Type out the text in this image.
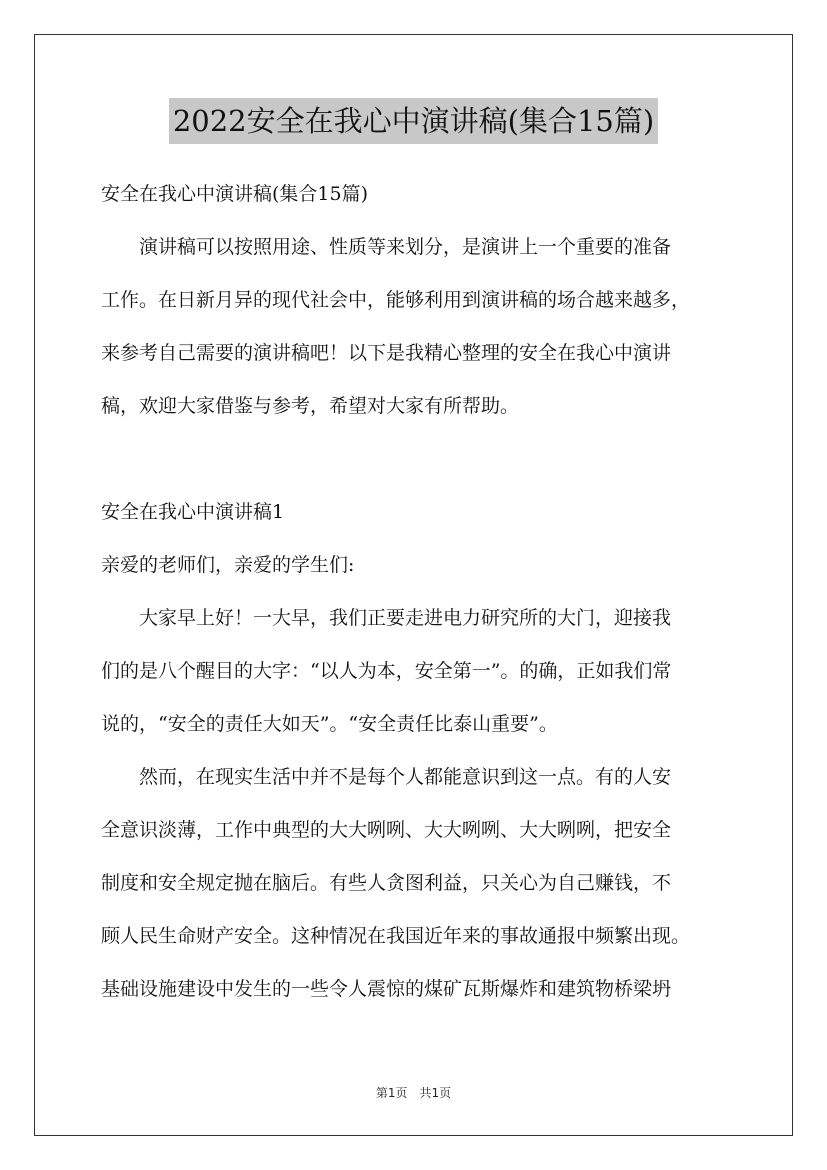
2022安全在我心中演讲稿(集合15篇)
安全在我心中演讲稿(集合15篇)
演讲稿可以按照用途、性质等来划分，是演讲上一个重要的准备
工作。在日新月异的现代社会中，能够利用到演讲稿的场合越来越多，
来参考自己需要的演讲稿吧！以下是我精心整理的安全在我心中演讲
稿，欢迎大家借鉴与参考，希望对大家有所帮助。
安全在我心中演讲稿1
亲爱的老师们，亲爱的学生们:
大家早上好！一大早，我们正要走进电力研究所的大门，迎接我
们的是八个醒目的大字：“以人为本，安全第一”。的确，正如我们常
说的，“安全的责任大如天”。“安全责任比泰山重要”。
然而，在现实生活中并不是每个人都能意识到这一点。有的人安
全意识淡薄，工作中典型的大大咧咧、大大咧咧、大大咧咧，把安全
制度和安全规定抛在脑后。有些人贪图利益，只关心为自己赚钱，不
顾人民生命财产安全。这种情况在我国近年来的事故通报中频繁出现。
基础设施建设中发生的一些令人震惊的煤矿瓦斯爆炸和建筑物桥梁坍
第1页 共1页
